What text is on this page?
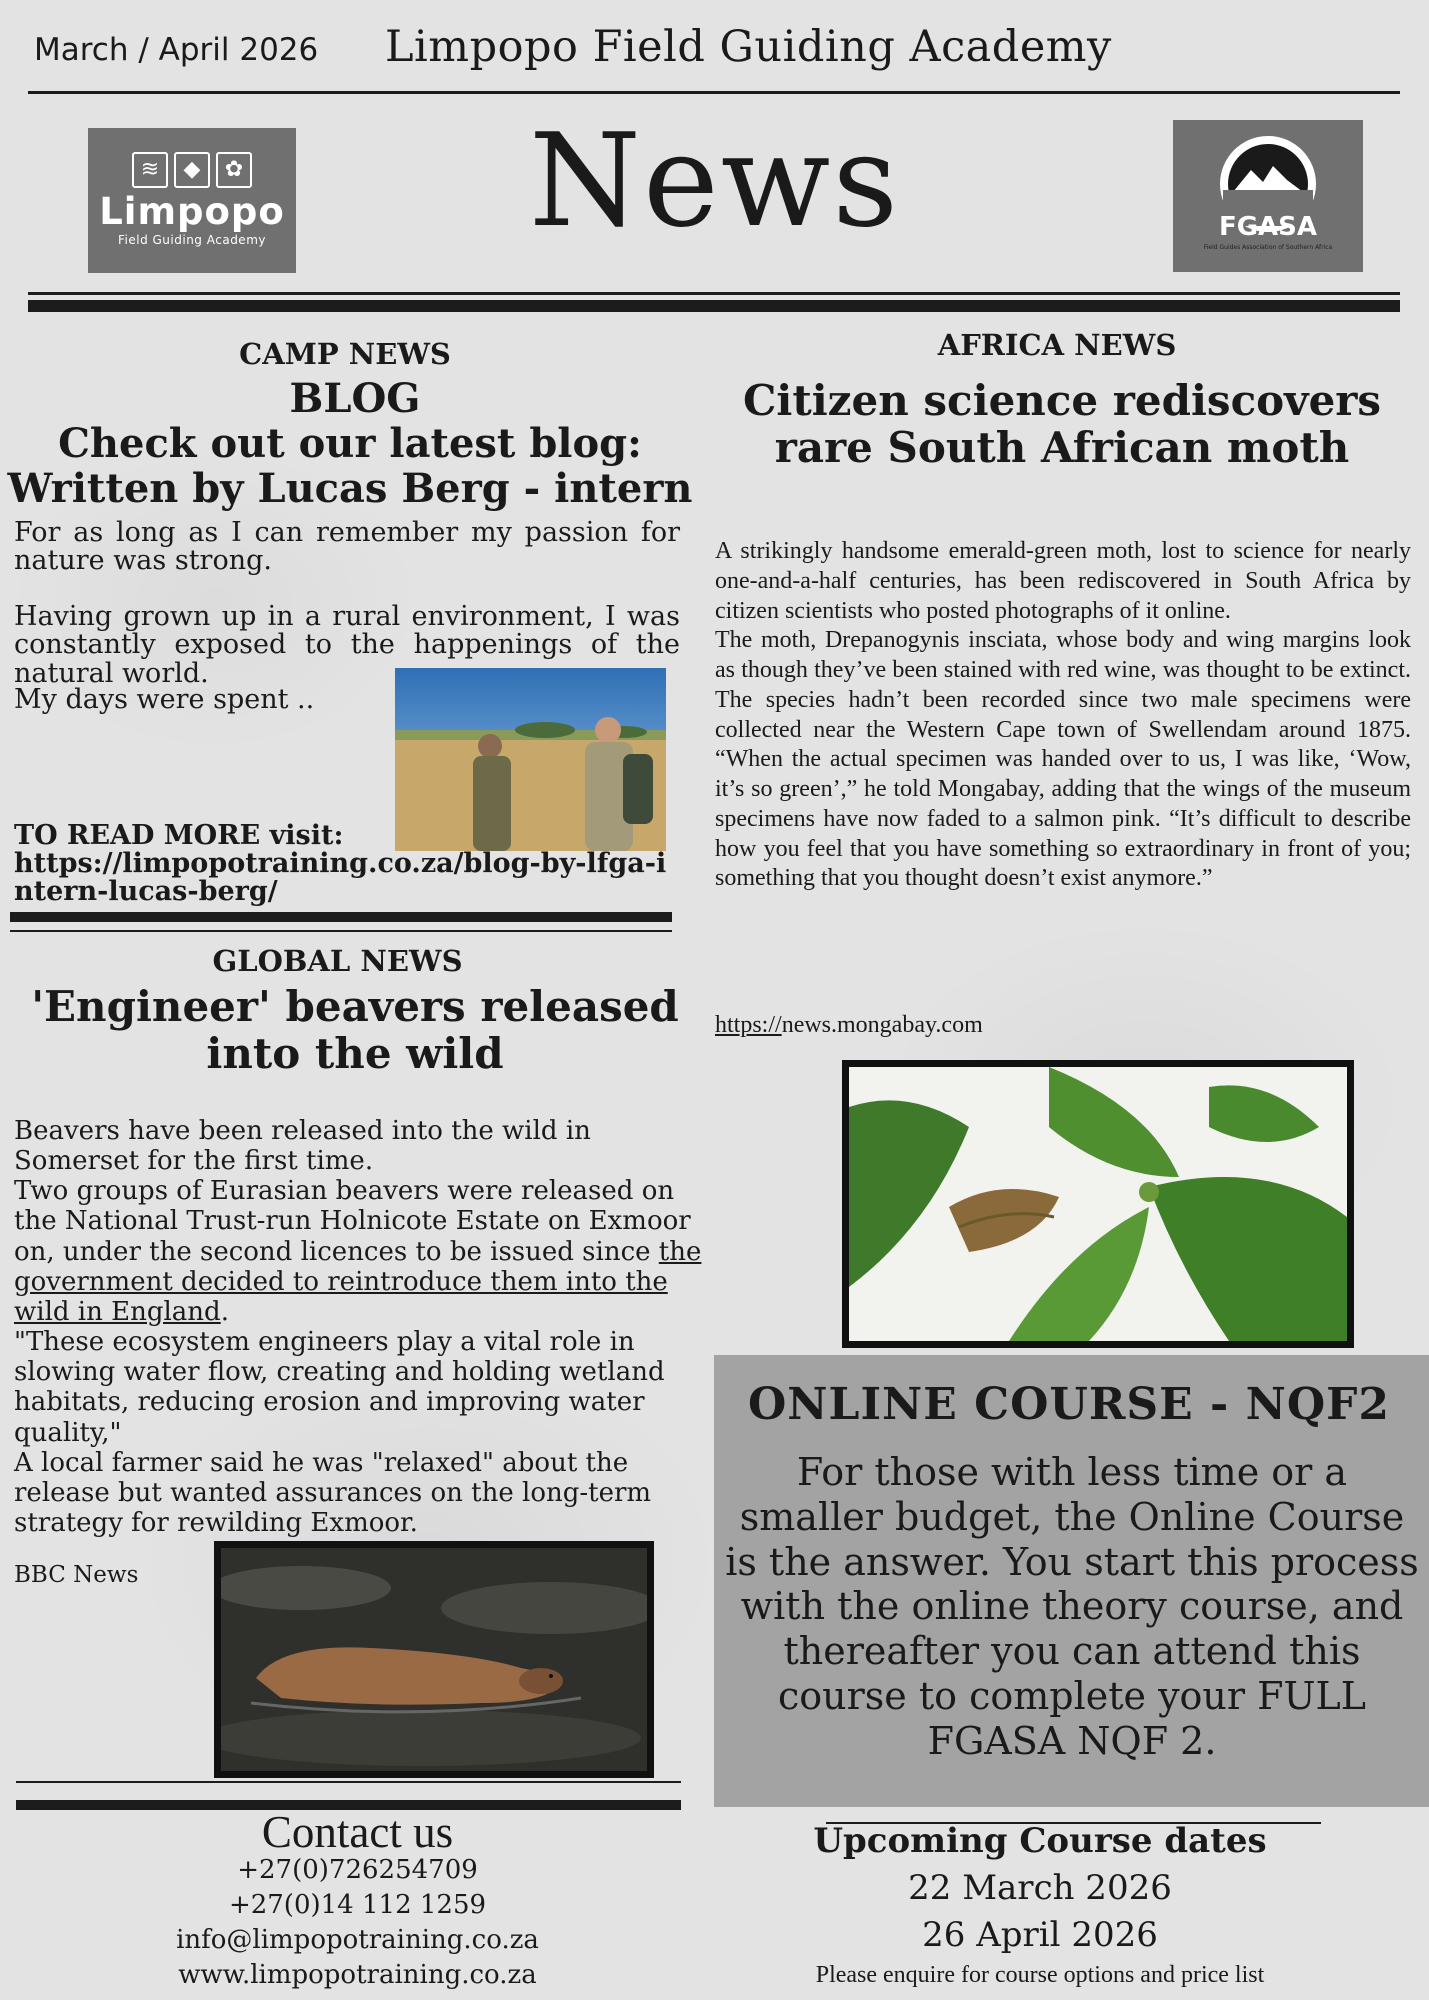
March / April 2026 Limpopo Field Guiding Academy
≋	◆	✿
Limpopo
Field Guiding Academy	News	FGASA
Field Guides Association of Southern Africa
CAMP NEWS
BLOG
Check out our latest blog:
Written by Lucas Berg - intern
For as long as I can remember my passion for nature was strong.
Having grown up in a rural environment, I was constantly exposed to the happenings of the natural world.
My days were spent ..
TO READ MORE visit:
https://limpopotraining.co.za/blog-by-lfga-intern-lucas-berg/
GLOBAL NEWS
'Engineer' beavers released into the wild

Beavers have been released into the wild in Somerset for the first time.

Two groups of Eurasian beavers were released on the National Trust-run Holnicote Estate on Exmoor on, under the second licences to be issued since the government decided to reintroduce them into the wild in England.

"These ecosystem engineers play a vital role in slowing water flow, creating and holding wetland habitats, reducing erosion and improving water quality,"

A local farmer said he was "relaxed" about the release but wanted assurances on the long-term strategy for rewilding Exmoor.

BBC News
Contact us
+27(0)726254709
+27(0)14 112 1259
info@limpopotraining.co.za
www.limpopotraining.co.za
AFRICA NEWS
Citizen science rediscovers rare South African moth

A strikingly handsome emerald-green moth, lost to science for nearly one-and-a-half centuries, has been rediscovered in South Africa by citizen scientists who posted photographs of it online.

The moth, Drepanogynis insciata, whose body and wing margins look as though they’ve been stained with red wine, was thought to be extinct. The species hadn’t been recorded since two male specimens were collected near the Western Cape town of Swellendam around 1875. “When the actual specimen was handed over to us, I was like, ‘Wow, it’s so green’,” he told Mongabay, adding that the wings of the museum specimens have now faded to a salmon pink. “It’s difficult to describe how you feel that you have something so extraordinary in front of you; something that you thought doesn’t exist anymore.”

https://news.mongabay.com
ONLINE COURSE - NQF2
For those with less time or a smaller budget, the Online Course is the answer. You start this process with the online theory course, and thereafter you can attend this course to complete your FULL FGASA NQF 2.
Upcoming Course dates
22 March 2026
26 April 2026
Please enquire for course options and price list
